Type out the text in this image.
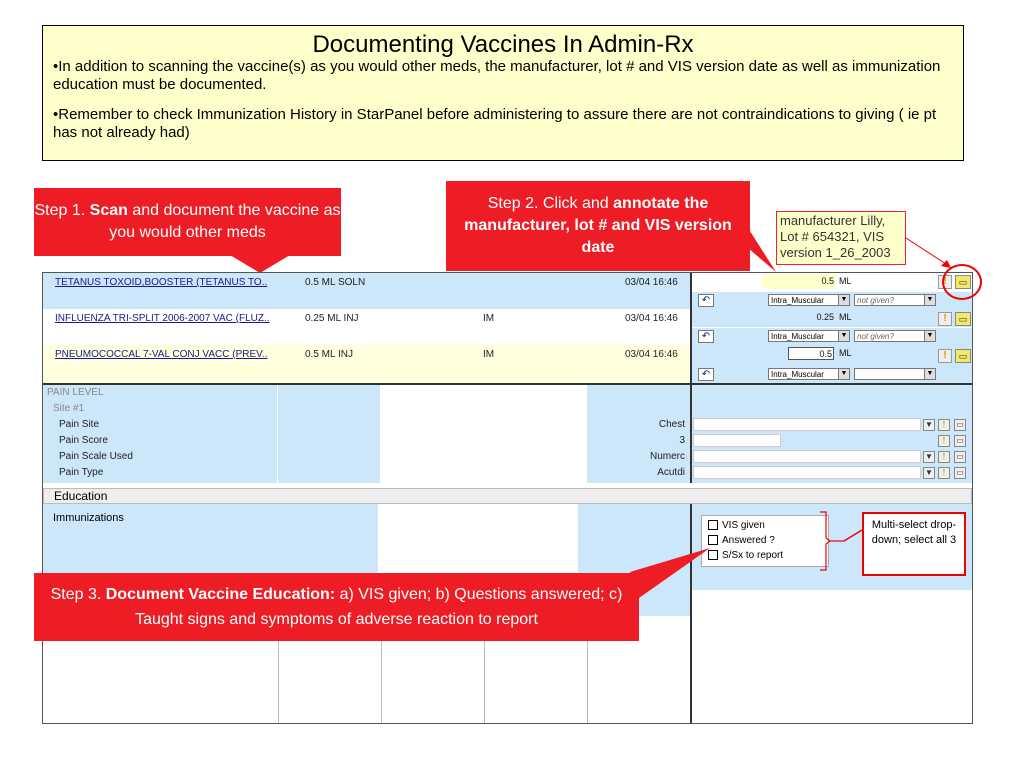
Documenting Vaccines In Admin-Rx

•In addition to scanning the vaccine(s) as you would other meds, the manufacturer, lot # and VIS version date as well as immunization education must be documented.

•Remember to check Immunization History in StarPanel before administering to assure there are not contraindications to giving ( ie pt has not already had)

Step 1. Scan and document the vaccine as you would other meds
Step 2. Click and annotate the manufacturer, lot # and VIS version date
manufacturer Lilly,
Lot # 654321, VIS
version 1_26_2003
TETANUS TOXOID,BOOSTER (TETANUS TO..	0.5 ML SOLN	03/04 16:46
INFLUENZA TRI-SPLIT 2006-2007 VAC (FLUZ..	0.25 ML INJ	IM	03/04 16:46
PNEUMOCOCCAL 7-VAL CONJ VACC (PREV..	0.5 ML INJ	IM	03/04 16:46
0.5 ML	!	▭
↶	Intra_Muscular	▼	not given?	▼
0.25 ML	!	▭
↶	Intra_Muscular	▼	not given?	▼
0.5 ML	!	▭
↶	Intra_Muscular	▼	▼
PAIN LEVEL
Site #1
Pain Site	Chest	▼	!	▭
Pain Score	3	!	▭
Pain Scale Used	Numerc	▼	!	▭
Pain Type	Acutdi	▼	!	▭
Education
Immunizations
VIS given
Answered ?
S/Sx to report
Multi-select drop-down; select all 3
Step 3. Document Vaccine Education: a) VIS given; b) Questions answered; c) Taught signs and symptoms of adverse reaction to report
